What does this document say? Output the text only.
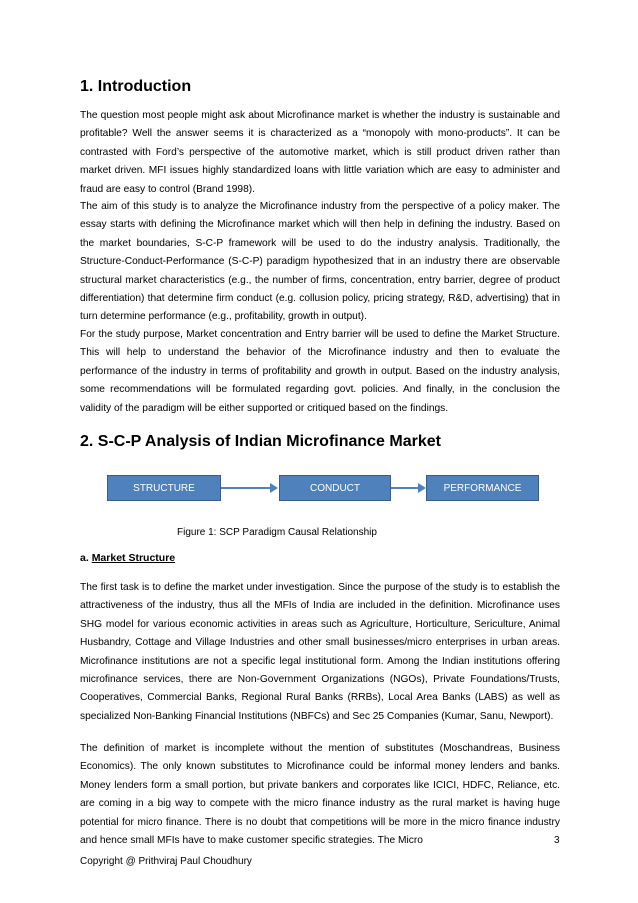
1. Introduction

The question most people might ask about Microfinance market is whether the industry is sustainable and profitable? Well the answer seems it is characterized as a “monopoly with mono-products”. It can be contrasted with Ford’s perspective of the automotive market, which is still product driven rather than market driven. MFI issues highly standardized loans with little variation which are easy to administer and fraud are easy to control (Brand 1998).

The aim of this study is to analyze the Microfinance industry from the perspective of a policy maker. The essay starts with defining the Microfinance market which will then help in defining the industry. Based on the market boundaries, S-C-P framework will be used to do the industry analysis. Traditionally, the Structure-Conduct-Performance (S-C-P) paradigm hypothesized that in an industry there are observable structural market characteristics (e.g., the number of firms, concentration, entry barrier, degree of product differentiation) that determine firm conduct (e.g. collusion policy, pricing strategy, R&D, advertising) that in turn determine performance (e.g., profitability, growth in output).

For the study purpose, Market concentration and Entry barrier will be used to define the Market Structure. This will help to understand the behavior of the Microfinance industry and then to evaluate the performance of the industry in terms of profitability and growth in output. Based on the industry analysis, some recommendations will be formulated regarding govt. policies. And finally, in the conclusion the validity of the paradigm will be either supported or critiqued based on the findings.

2. S-C-P Analysis of Indian Microfinance Market
STRUCTURE	CONDUCT	PERFORMANCE
Figure 1: SCP Paradigm Causal Relationship
a. Market Structure

The first task is to define the market under investigation. Since the purpose of the study is to establish the attractiveness of the industry, thus all the MFIs of India are included in the definition. Microfinance uses SHG model for various economic activities in areas such as Agriculture, Horticulture, Sericulture, Animal Husbandry, Cottage and Village Industries and other small businesses/micro enterprises in urban areas. Microfinance institutions are not a specific legal institutional form. Among the Indian institutions offering microfinance services, there are Non-Government Organizations (NGOs), Private Foundations/Trusts, Cooperatives, Commercial Banks, Regional Rural Banks (RRBs), Local Area Banks (LABS) as well as specialized Non-Banking Financial Institutions (NBFCs) and Sec 25 Companies (Kumar, Sanu, Newport).

The definition of market is incomplete without the mention of substitutes (Moschandreas, Business Economics). The only known substitutes to Microfinance could be informal money lenders and banks. Money lenders form a small portion, but private bankers and corporates like ICICI, HDFC, Reliance, etc. are coming in a big way to compete with the micro finance industry as the rural market is having huge potential for micro finance. There is no doubt that competitions will be more in the micro finance industry and hence small MFIs have to make customer specific strategies. The Micro	3
Copyright @ Prithviraj Paul Choudhury
